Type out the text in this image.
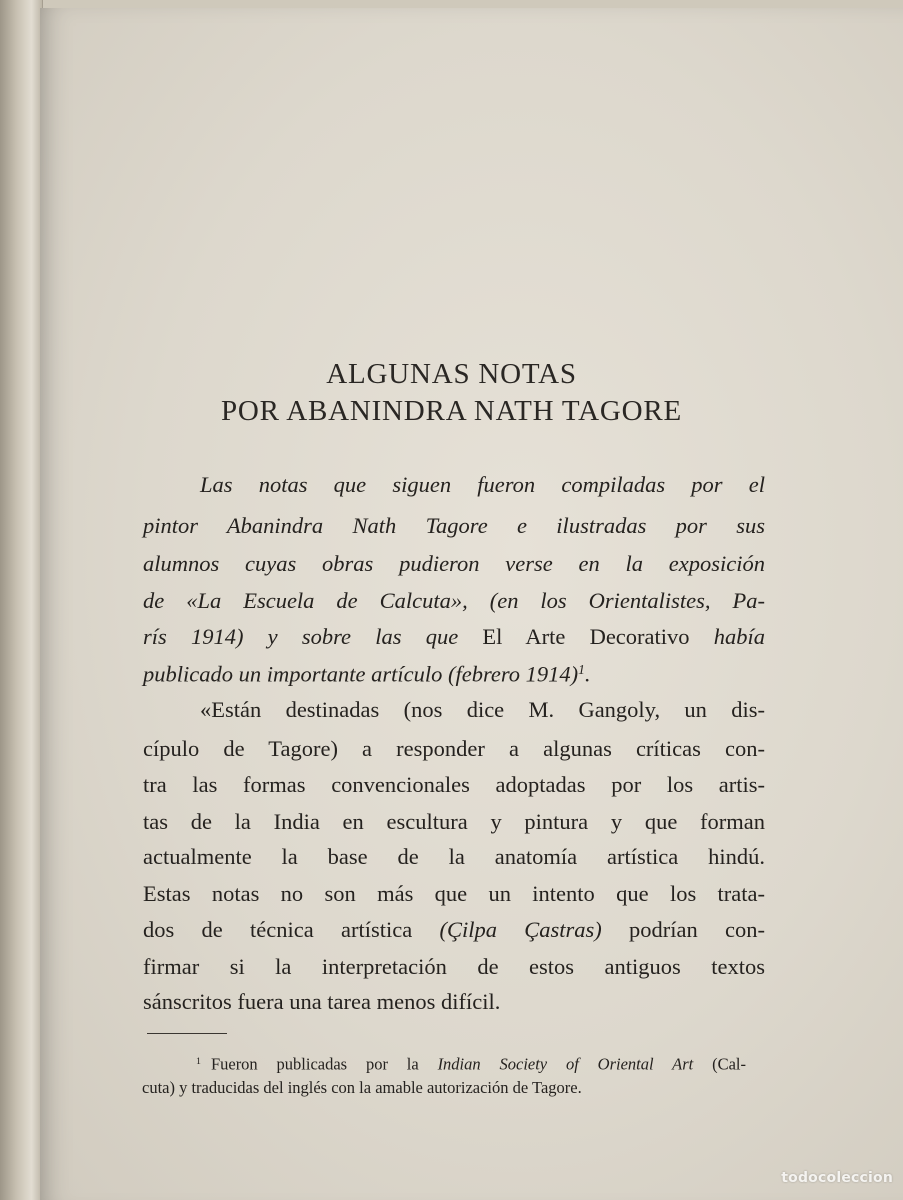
ALGUNAS NOTAS
POR ABANINDRA NATH TAGORE
Las notas que siguen fueron compiladas por el
pintor Abanindra Nath Tagore e ilustradas por sus
alumnos cuyas obras pudieron verse en la exposición
de «La Escuela de Calcuta», (en los Orientalistes, Pa-
rís 1914) y sobre las que El Arte Decorativo había
publicado un importante artículo (febrero 1914)$^1$.
«Están destinadas (nos dice M. Gangoly, un dis-
cípulo de Tagore) a responder a algunas críticas con-
tra las formas convencionales adoptadas por los artis-
tas de la India en escultura y pintura y que forman
actualmente la base de la anatomía artística hindú.
Estas notas no son más que un intento que los trata-
dos de técnica artística (Çilpa Çastras) podrían con-
firmar si la interpretación de estos antiguos textos
sánscritos fuera una tarea menos difícil.
$^1$ Fueron publicadas por la Indian Society of Oriental Art (Cal-
cuta) y traducidas del inglés con la amable autorización de Tagore.
todocoleccion
